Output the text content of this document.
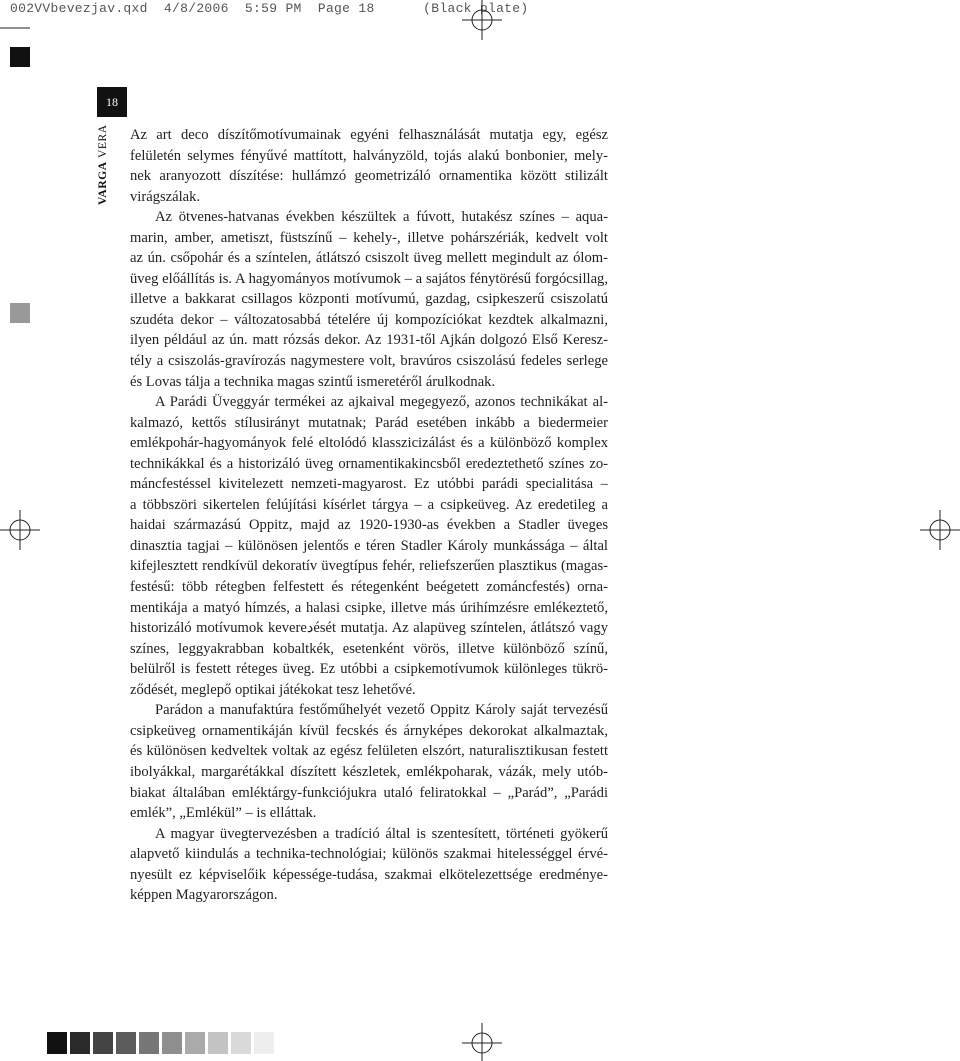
002VVbevezjav.qxd  4/8/2006  5:59 PM  Page 18      (Black plate)
18
VARGA VERA Az art deco díszítőmotívumainak egyéni felhasználását mutatja egy, egész
felületén selymes fényűvé mattított, halványzöld, tojás alakú bonbonier, mely-
nek aranyozott díszítése: hullámzó geometrizáló ornamentika között stilizált
virágszálak.
Az ötvenes-hatvanas években készültek a fúvott, hutakész színes – aqua-
marin, amber, ametiszt, füstszínű – kehely-, illetve pohárszériák, kedvelt volt
az ún. csőpohár és a színtelen, átlátszó csiszolt üveg mellett megindult az ólom-
üveg előállítás is. A hagyományos motívumok – a sajátos fénytörésű forgócsillag,
illetve a bakkarat csillagos központi motívumú, gazdag, csipkeszerű csiszolatú
szudéta dekor – változatosabbá tételére új kompozíciókat kezdtek alkalmazni,
ilyen például az ún. matt rózsás dekor. Az 1931-től Ajkán dolgozó Első Keresz-
tély a csiszolás-gravírozás nagymestere volt, bravúros csiszolású fedeles serlege
és Lovas tálja a technika magas szintű ismeretéről árulkodnak.
A Parádi Üveggyár termékei az ajkaival megegyező, azonos technikákat al-
kalmazó, kettős stílusirányt mutatnak; Parád esetében inkább a biedermeier
emlékpohár-hagyományok felé eltolódó klasszicizálást és a különböző komplex
technikákkal és a historizáló üveg ornamentikakincsből eredeztethető színes zo-
máncfestéssel kivitelezett nemzeti-magyarost. Ez utóbbi parádi specialitása –
a többszöri sikertelen felújítási kísérlet tárgya – a csipkeüveg. Az eredetileg a
haidai származású Oppitz, majd az 1920-1930-as években a Stadler üveges
dinasztia tagjai – különösen jelentős e téren Stadler Károly munkássága – által
kifejlesztett rendkívül dekoratív üvegtípus fehér, reliefszerűen plasztikus (magas-
festésű: több rétegben felfestett és rétegenként beégetett zománcfestés) orna-
mentikája a matyó hímzés, a halasi csipke, illetve más úrihímzésre emlékeztető,
historizáló motívumok kevereدését mutatja. Az alapüveg színtelen, átlátszó vagy
színes, leggyakrabban kobaltkék, esetenként vörös, illetve különböző színű,
belülről is festett réteges üveg. Ez utóbbi a csipkemotívumok különleges tükrö-
ződését, meglepő optikai játékokat tesz lehetővé.
Parádon a manufaktúra festőműhelyét vezető Oppitz Károly saját tervezésű
csipkeüveg ornamentikáján kívül fecskés és árnyképes dekorokat alkalmaztak,
és különösen kedveltek voltak az egész felületen elszórt, naturalisztikusan festett
ibolyákkal, margarétákkal díszített készletek, emlékpoharak, vázák, mely utób-
biakat általában emléktárgy-funkciójukra utaló feliratokkal – „Parád”, „Parádi
emlék”, „Emlékül” – is elláttak.
A magyar üvegtervezésben a tradíció által is szentesített, történeti gyökerű
alapvető kiindulás a technika-technológiai; különös szakmai hitelességgel érvé-
nyesült ez képviselőik képessége-tudása, szakmai elkötelezettsége eredménye-
képpen Magyarországon.
